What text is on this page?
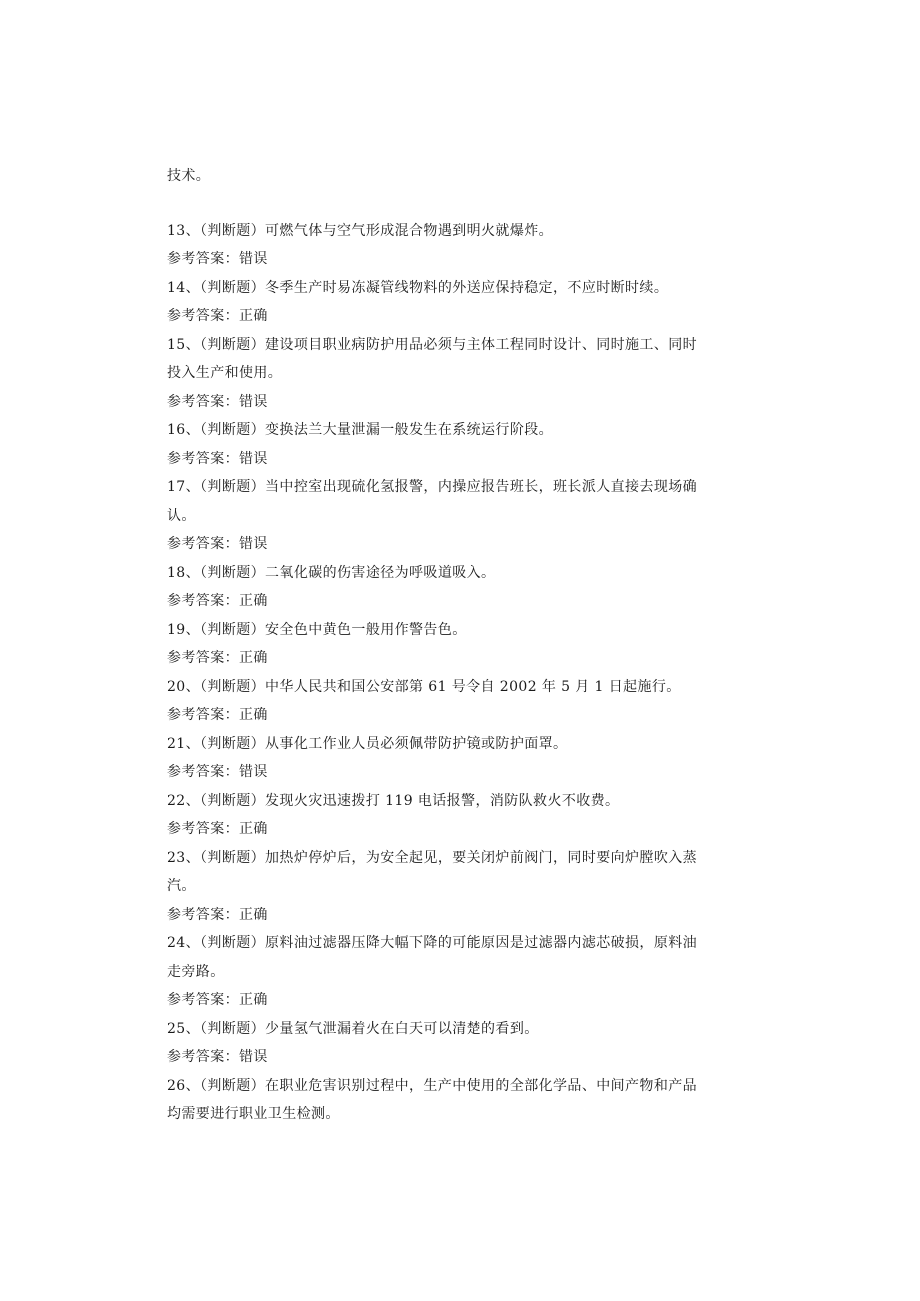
技术。
13、（判断题）可燃气体与空气形成混合物遇到明火就爆炸。
参考答案：错误
14、（判断题）冬季生产时易冻凝管线物料的外送应保持稳定，不应时断时续。
参考答案：正确
15、（判断题）建设项目职业病防护用品必须与主体工程同时设计、同时施工、同时
投入生产和使用。
参考答案：错误
16、（判断题）变换法兰大量泄漏一般发生在系统运行阶段。
参考答案：错误
17、（判断题）当中控室出现硫化氢报警，内操应报告班长，班长派人直接去现场确
认。
参考答案：错误
18、（判断题）二氧化碳的伤害途径为呼吸道吸入。
参考答案：正确
19、（判断题）安全色中黄色一般用作警告色。
参考答案：正确
20、（判断题）中华人民共和国公安部第 61 号令自 2002 年 5 月 1 日起施行。
参考答案：正确
21、（判断题）从事化工作业人员必须佩带防护镜或防护面罩。
参考答案：错误
22、（判断题）发现火灾迅速拨打 119 电话报警，消防队救火不收费。
参考答案：正确
23、（判断题）加热炉停炉后，为安全起见，要关闭炉前阀门，同时要向炉膛吹入蒸
汽。
参考答案：正确
24、（判断题）原料油过滤器压降大幅下降的可能原因是过滤器内滤芯破损，原料油
走旁路。
参考答案：正确
25、（判断题）少量氢气泄漏着火在白天可以清楚的看到。
参考答案：错误
26、（判断题）在职业危害识别过程中，生产中使用的全部化学品、中间产物和产品
均需要进行职业卫生检测。
